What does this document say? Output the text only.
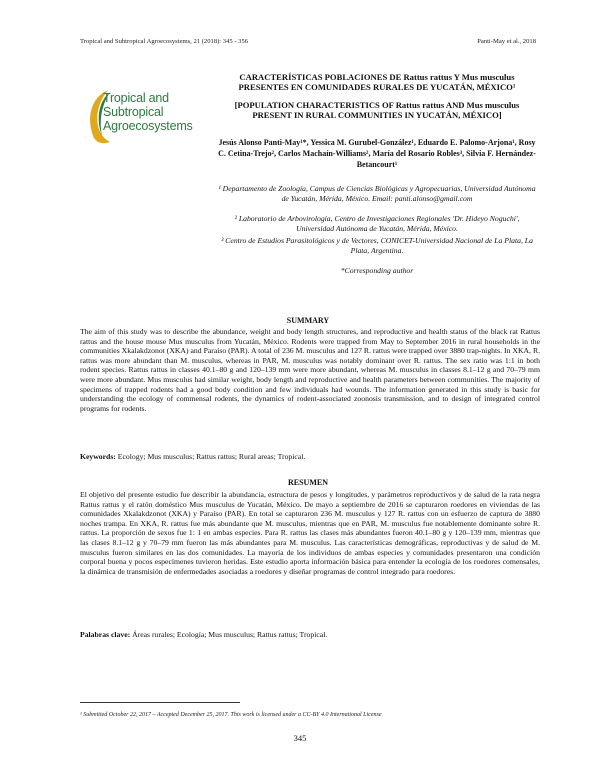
Tropical and Subtropical Agroecosystems, 21 (2018): 345 - 356	Panti-May et al., 2018
Tropical and
Subtropical
Agroecosystems
CARACTERÍSTICAS POBLACIONES DE Rattus rattus Y Mus musculus PRESENTES EN COMUNIDADES RURALES DE YUCATÁN, MÉXICO¹
[POPULATION CHARACTERISTICS OF Rattus rattus AND Mus musculus PRESENT IN RURAL COMMUNITIES IN YUCATÁN, MÉXICO]
Jesús Alonso Panti-May¹*, Yessica M. Gurubel-González¹, Eduardo E. Palomo-Arjona¹, Rosy C. Cetina-Trejo², Carlos Machaín-Williams², María del Rosario Robles³, Silvia F. Hernández-Betancourt¹
¹ Departamento de Zoología, Campus de Ciencias Biológicas y Agropecuarias, Universidad Autónoma de Yucatán, Mérida, México. Email: panti.alonso@gmail.com
² Laboratorio de Arbovirología, Centro de Investigaciones Regionales 'Dr. Hideyo Noguchi', Universidad Autónoma de Yucatán, Mérida, México.
³ Centro de Estudios Parasitológicos y de Vectores, CONICET-Universidad Nacional de La Plata, La Plata, Argentina.
*Corresponding author
SUMMARY
The aim of this study was to describe the abundance, weight and body length structures, and reproductive and health status of the black rat Rattus rattus and the house mouse Mus musculus from Yucatán, México. Rodents were trapped from May to September 2016 in rural households in the communities Xkalakdzonot (XKA) and Paraíso (PAR). A total of 236 M. musculus and 127 R. rattus were trapped over 3880 trap-nights. In XKA, R. rattus was more abundant than M. musculus, whereas in PAR, M. musculus was notably dominant over R. rattus. The sex ratio was 1:1 in both rodent species. Rattus rattus in classes 40.1–80 g and 120–139 mm were more abundant, whereas M. musculus in classes 8.1–12 g and 70–79 mm were more abundant. Mus musculus had similar weight, body length and reproductive and health parameters between communities. The majority of specimens of trapped rodents had a good body condition and few individuals had wounds. The information generated in this study is basic for understanding the ecology of commensal rodents, the dynamics of rodent-associated zoonosis transmission, and to design of integrated control programs for rodents.
Keywords: Ecology; Mus musculus; Rattus rattus; Rural areas; Tropical.
RESUMEN
El objetivo del presente estudio fue describir la abundancia, estructura de pesos y longitudes, y parámetros reproductivos y de salud de la rata negra Rattus rattus y el ratón doméstico Mus musculus de Yucatán, México. De mayo a septiembre de 2016 se capturaron roedores en viviendas de las comunidades Xkalakdzonot (XKA) y Paraíso (PAR). En total se capturaron 236 M. musculus y 127 R. rattus con un esfuerzo de captura de 3880 noches trampa. En XKA, R. rattus fue más abundante que M. musculus, mientras que en PAR, M. musculus fue notablemente dominante sobre R. rattus. La proporción de sexos fue 1: 1 en ambas especies. Para R. rattus las clases más abundantes fueron 40.1–80 g y 120–139 mm, mientras que las clases 8.1–12 g y 70–79 mm fueron las más abundantes para M. musculus. Las características demográficas, reproductivas y de salud de M. musculus fueron similares en las dos comunidades. La mayoría de los individuos de ambas especies y comunidades presentaron una condición corporal buena y pocos especímenes tuvieron heridas. Este estudio aporta información básica para entender la ecología de los roedores comensales, la dinámica de transmisión de enfermedades asociadas a roedores y diseñar programas de control integrado para roedores.
Palabras clave: Áreas rurales; Ecología; Mus musculus; Rattus rattus; Tropical.
¹ Submitted October 22, 2017 – Accepted December 25, 2017. This work is licensed under a CC-BY 4.0 International License
345
